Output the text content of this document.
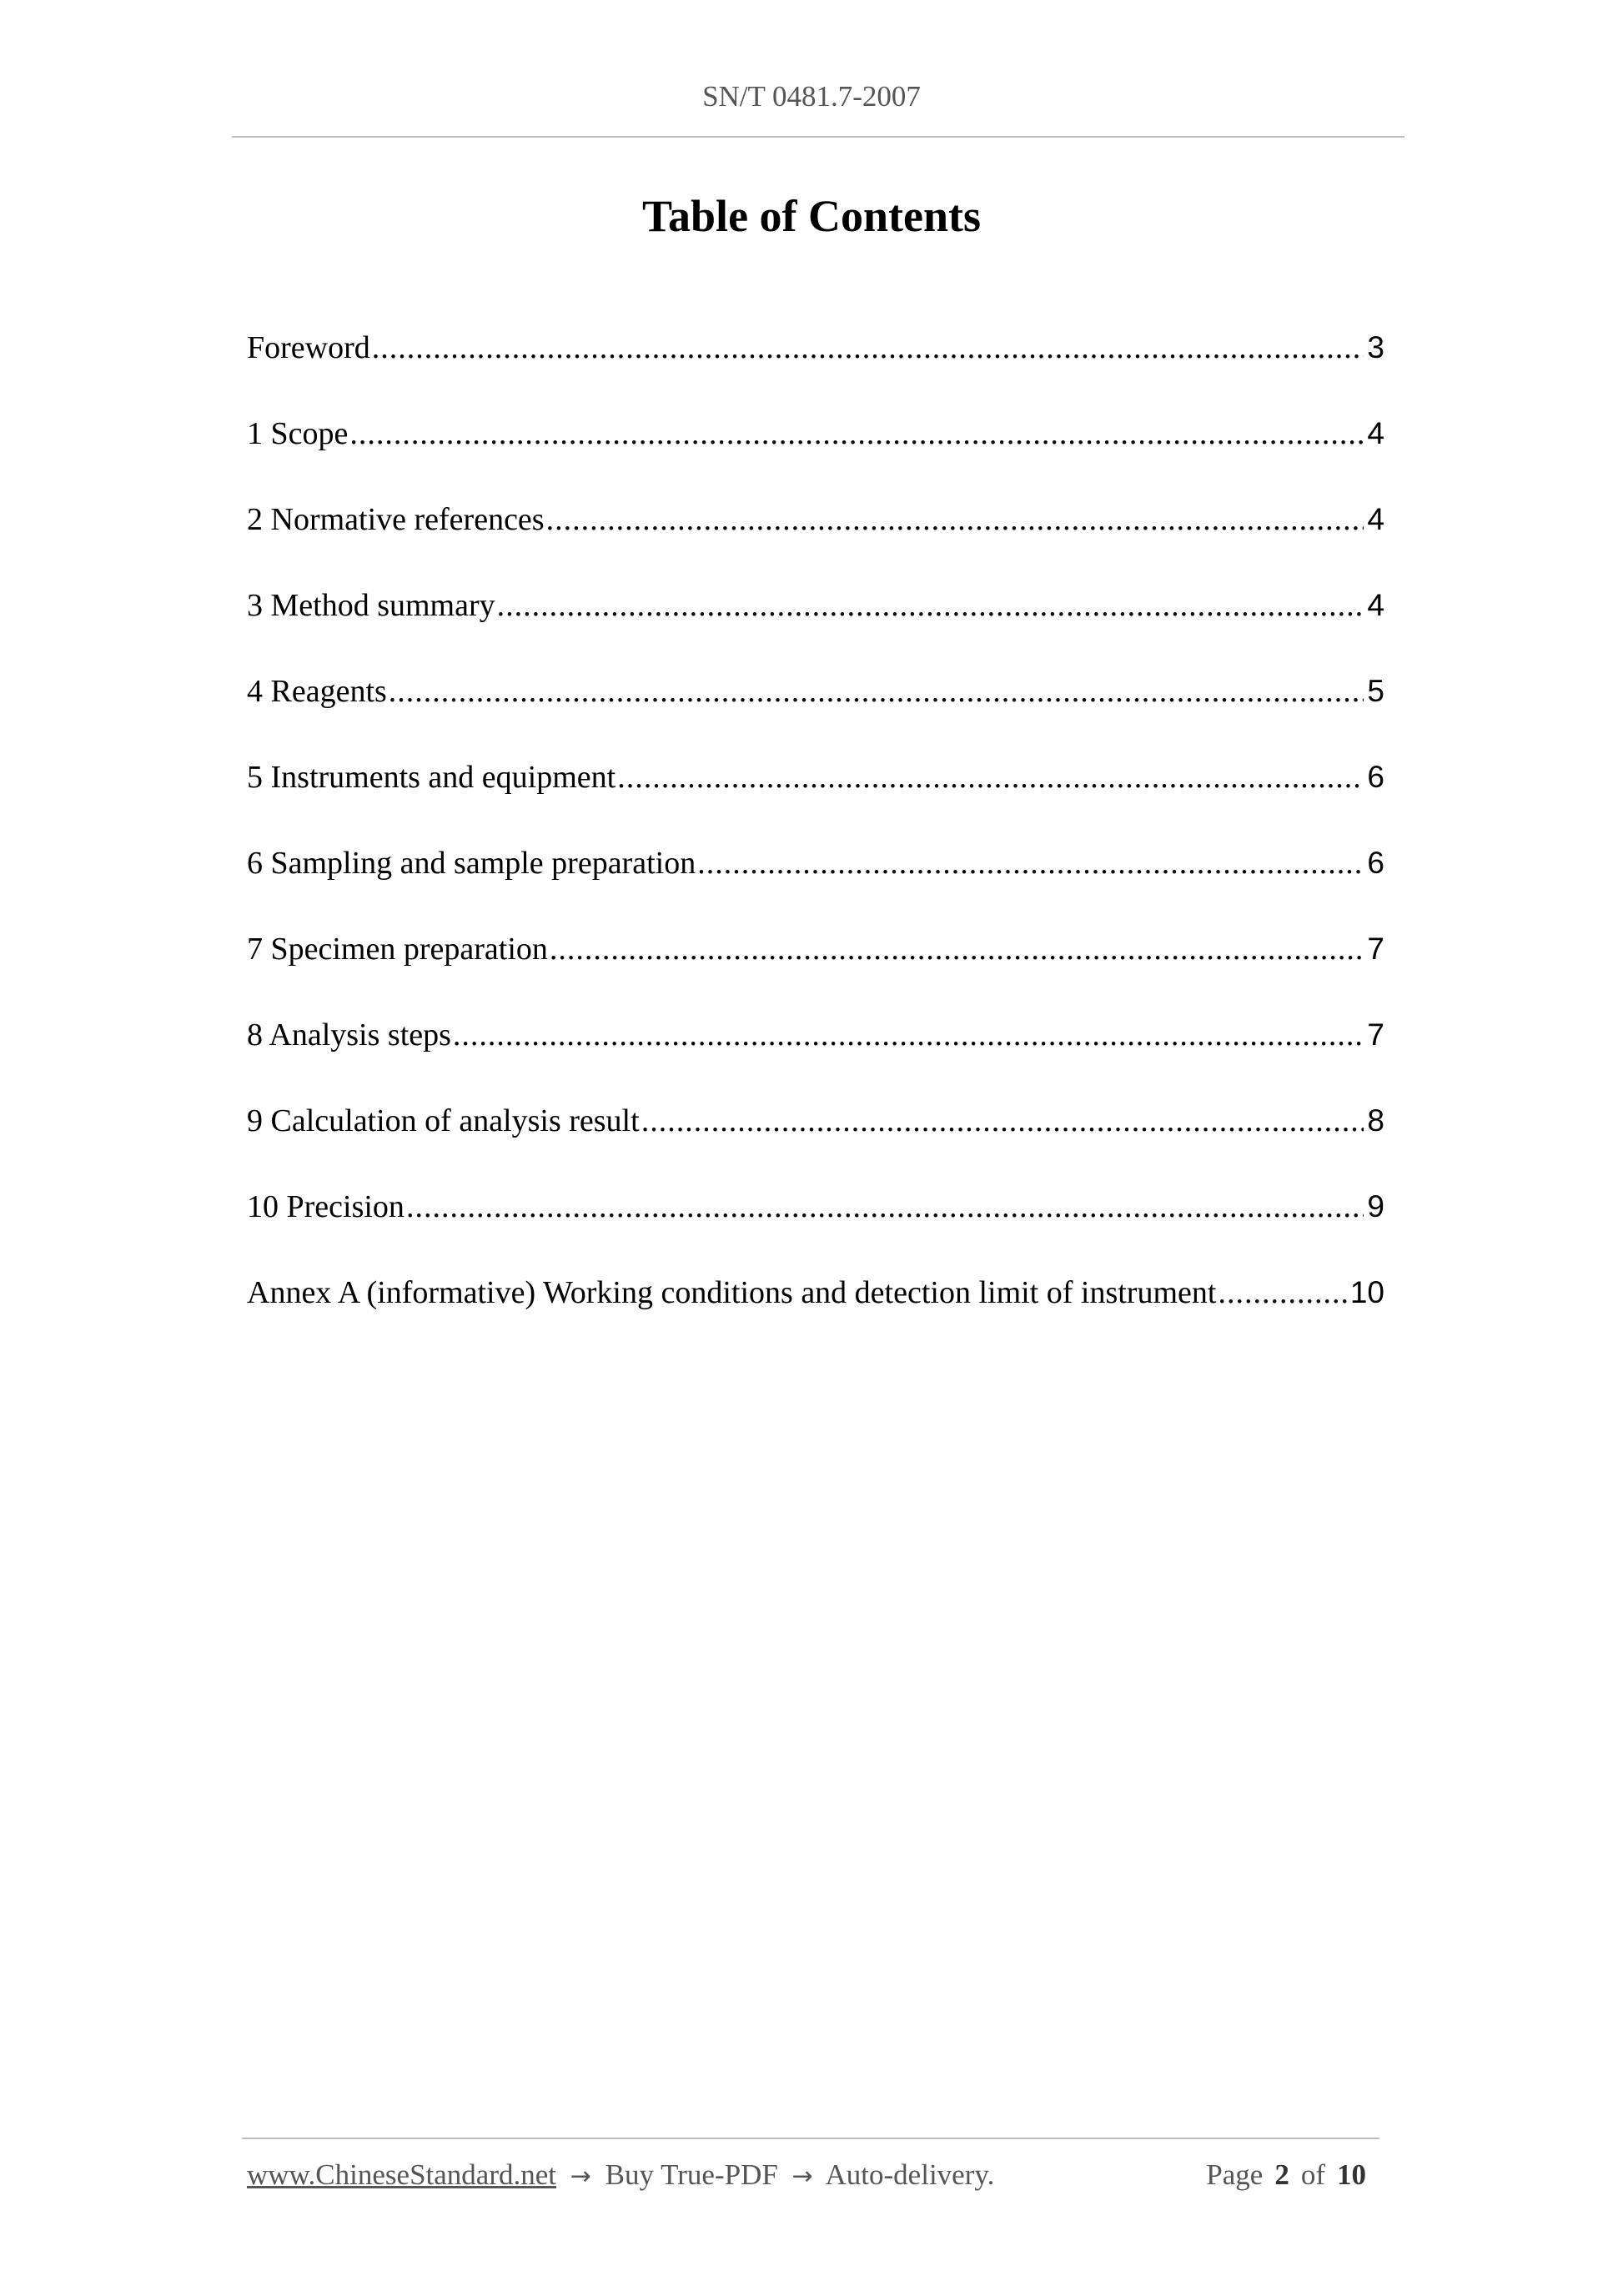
SN/T 0481.7-2007
Table of Contents
Foreword .....	3
1 Scope .....	4
2 Normative references .....	4
3 Method summary .....	4
4 Reagents .....	5
5 Instruments and equipment .....	6
6 Sampling and sample preparation .....	6
7 Specimen preparation .....	7
8 Analysis steps .....	7
9 Calculation of analysis result .....	8
10 Precision .....	9
Annex A (informative) Working conditions and detection limit of instrument .....	10
www.ChineseStandard.net → Buy True-PDF → Auto-delivery.	Page 2 of 10
